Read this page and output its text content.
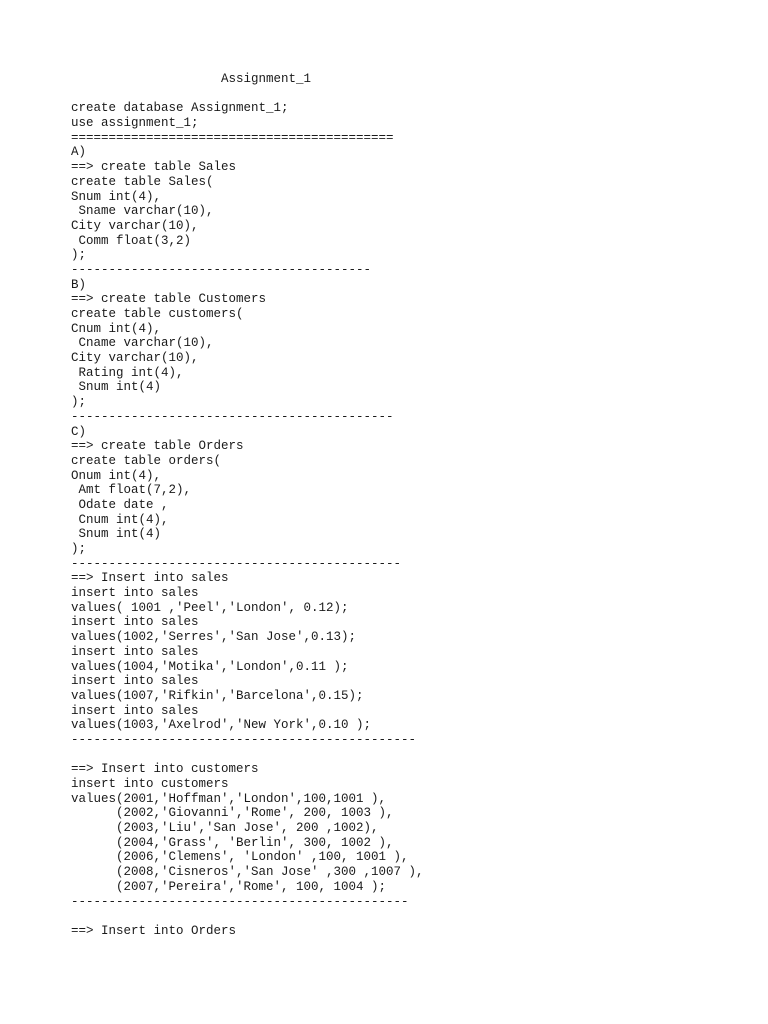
Assignment_1
create database Assignment_1;
use assignment_1;
===========================================
A)
==> create table Sales
create table Sales(
Snum int(4),
Sname varchar(10),
City varchar(10),
Comm float(3,2)
);
----------------------------------------
B)
==> create table Customers
create table customers(
Cnum int(4),
Cname varchar(10),
City varchar(10),
Rating int(4),
Snum int(4)
);
-------------------------------------------
C)
==> create table Orders
create table orders(
Onum int(4),
Amt float(7,2),
Odate date ,
Cnum int(4),
Snum int(4)
);
--------------------------------------------
==> Insert into sales
insert into sales
values( 1001 ,'Peel','London', 0.12);
insert into sales
values(1002,'Serres','San Jose',0.13);
insert into sales
values(1004,'Motika','London',0.11 );
insert into sales
values(1007,'Rifkin','Barcelona',0.15);
insert into sales
values(1003,'Axelrod','New York',0.10 );
----------------------------------------------
==> Insert into customers
insert into customers
values(2001,'Hoffman','London',100,1001 ),
(2002,'Giovanni','Rome', 200, 1003 ),
(2003,'Liu','San Jose', 200 ,1002),
(2004,'Grass', 'Berlin', 300, 1002 ),
(2006,'Clemens', 'London' ,100, 1001 ),
(2008,'Cisneros','San Jose' ,300 ,1007 ),
(2007,'Pereira','Rome', 100, 1004 );
---------------------------------------------
==> Insert into Orders
